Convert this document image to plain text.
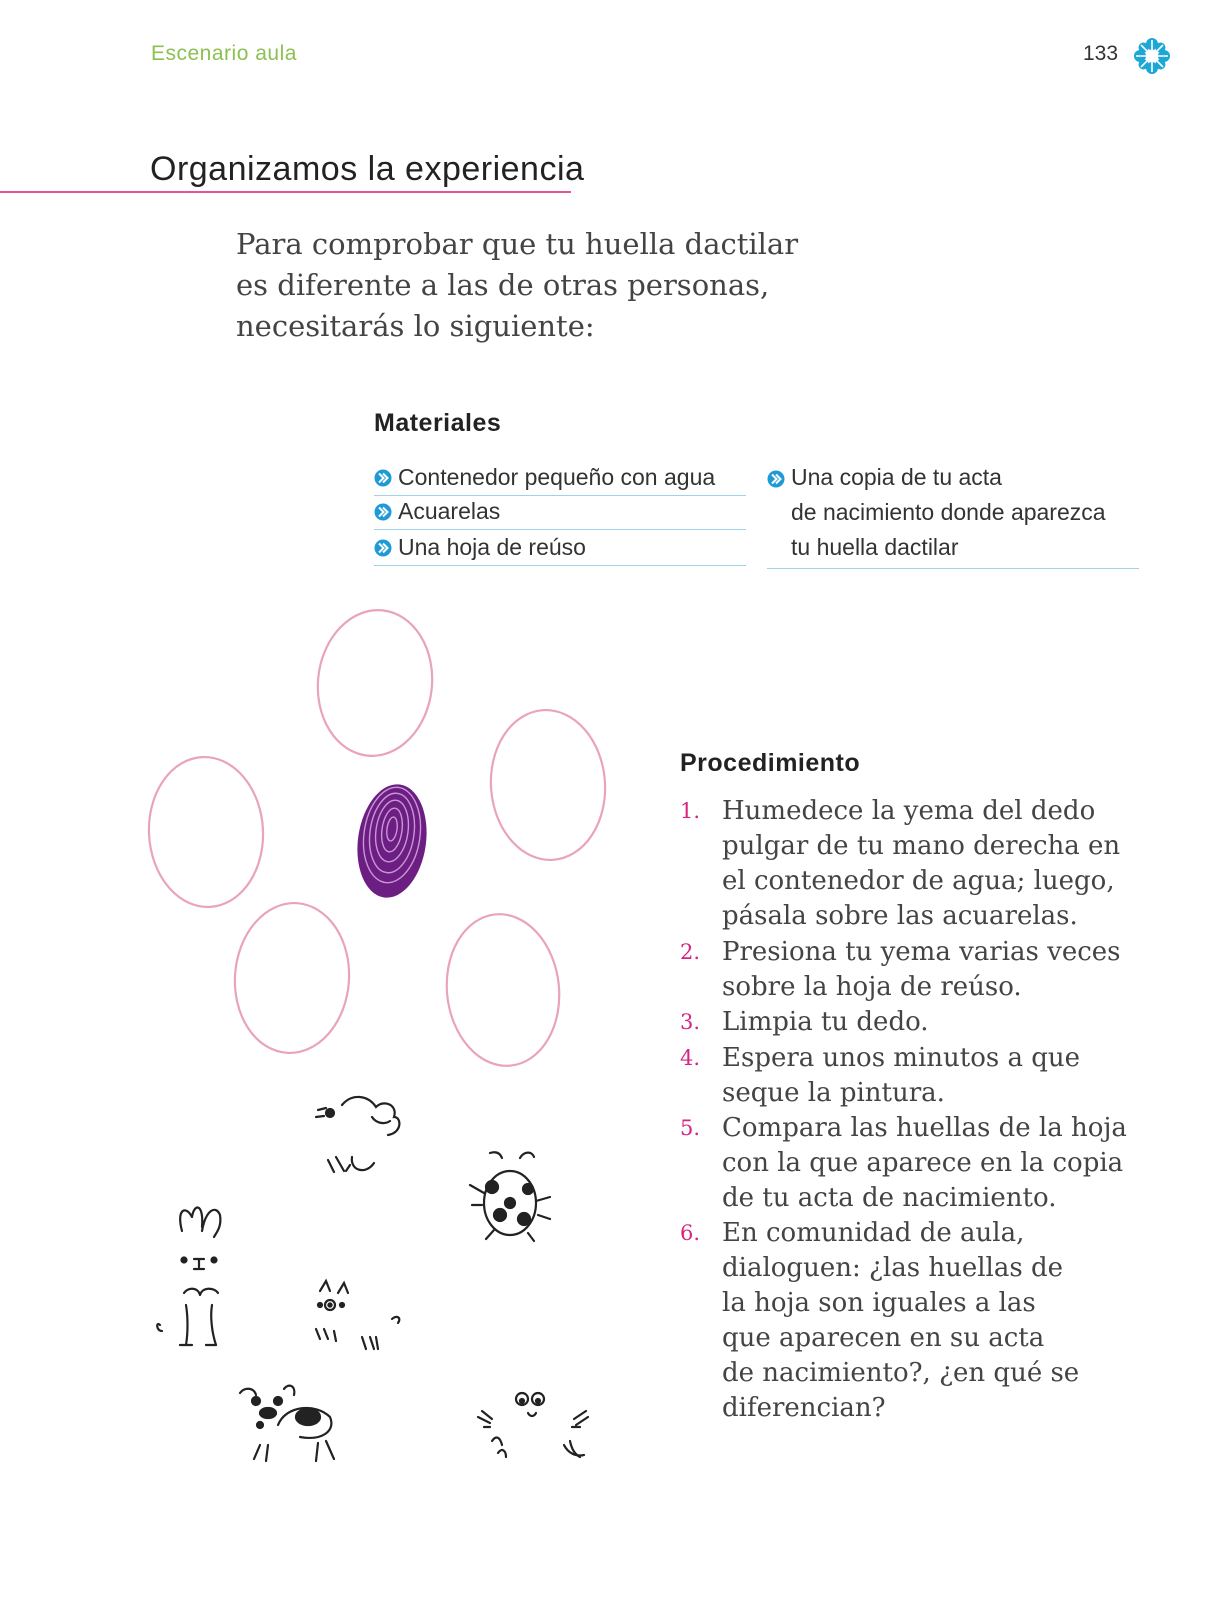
Escenario aula	133
Organizamos la experiencia
Para comprobar que tu huella dactilar
es diferente a las de otras personas,
necesitarás lo siguiente:
Materiales
Contenedor pequeño con agua
Acuarelas
Una hoja de reúso
Una copia de tu acta
de nacimiento donde aparezca
tu huella dactilar
Procedimiento
1. Humedece la yema del dedo
pulgar de tu mano derecha en
el contenedor de agua; luego,
pásala sobre las acuarelas.
2. Presiona tu yema varias veces
sobre la hoja de reúso.
3. Limpia tu dedo.
4. Espera unos minutos a que
seque la pintura.
5. Compara las huellas de la hoja
con la que aparece en la copia
de tu acta de nacimiento.
6. En comunidad de aula,
dialoguen: ¿las huellas de
la hoja son iguales a las
que aparecen en su acta
de nacimiento?, ¿en qué se
diferencian?
